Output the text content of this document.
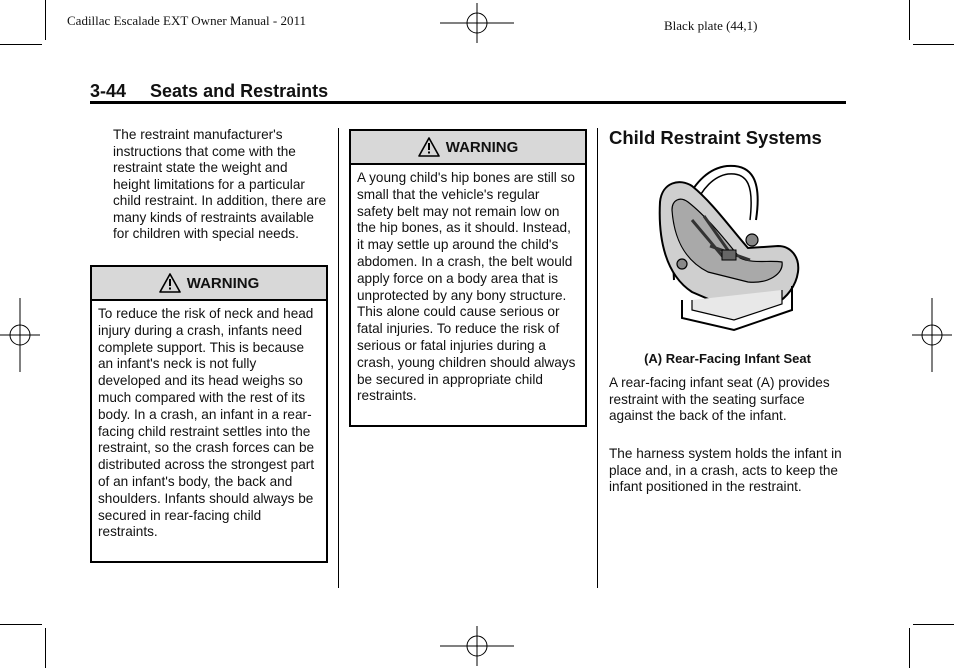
Cadillac Escalade EXT Owner Manual - 2011	Black plate (44,1)
3-44 Seats and Restraints
The restraint manufacturer's instructions that come with the restraint state the weight and height limitations for a particular child restraint. In addition, there are many kinds of restraints available for children with special needs.
WARNING
To reduce the risk of neck and head injury during a crash, infants need complete support. This is because an infant's neck is not fully developed and its head weighs so much compared with the rest of its body. In a crash, an infant in a rear-facing child restraint settles into the restraint, so the crash forces can be distributed across the strongest part of an infant's body, the back and shoulders. Infants should always be secured in rear-facing child restraints.
WARNING
A young child's hip bones are still so small that the vehicle's regular safety belt may not remain low on the hip bones, as it should. Instead, it may settle up around the child's abdomen. In a crash, the belt would apply force on a body area that is unprotected by any bony structure. This alone could cause serious or fatal injuries. To reduce the risk of serious or fatal injuries during a crash, young children should always be secured in appropriate child restraints.
Child Restraint Systems
(A) Rear-Facing Infant Seat
A rear-facing infant seat (A) provides restraint with the seating surface against the back of the infant.
The harness system holds the infant in place and, in a crash, acts to keep the infant positioned in the restraint.
